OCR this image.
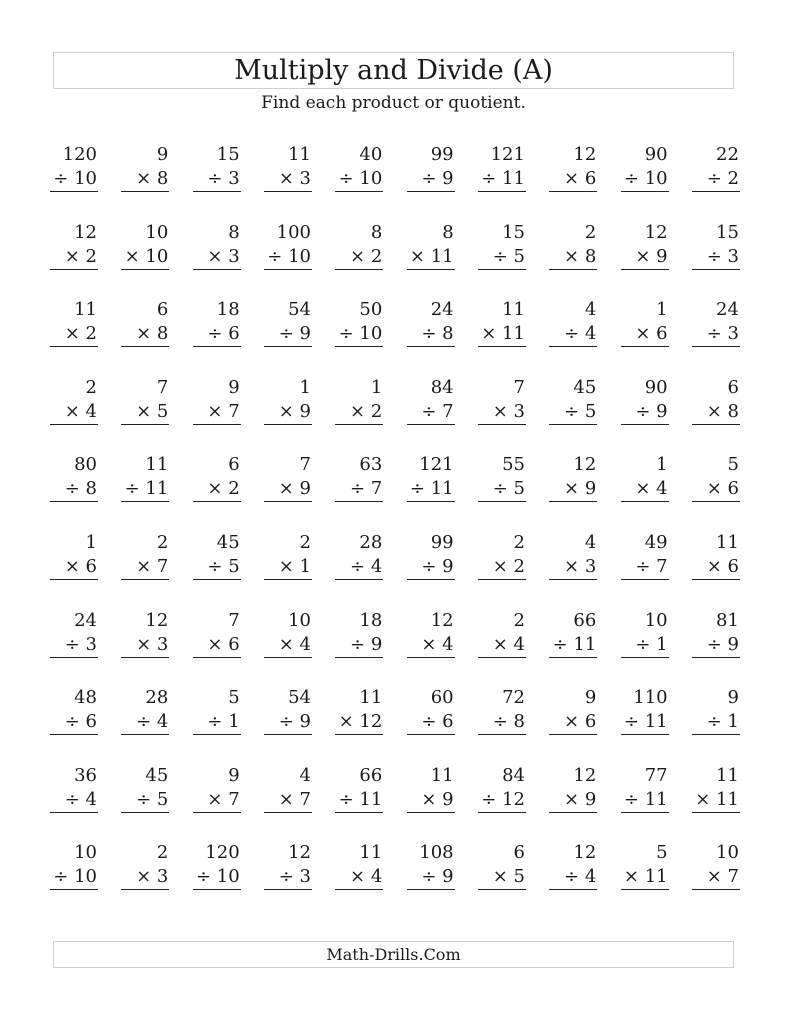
Multiply and Divide (A)
Find each product or quotient.
120
÷ 10
9
× 8
15
÷ 3
11
× 3
40
÷ 10
99
÷ 9
121
÷ 11
12
× 6
90
÷ 10
22
÷ 2
12
× 2
10
× 10
8
× 3
100
÷ 10
8
× 2
8
× 11
15
÷ 5
2
× 8
12
× 9
15
÷ 3
11
× 2
6
× 8
18
÷ 6
54
÷ 9
50
÷ 10
24
÷ 8
11
× 11
4
÷ 4
1
× 6
24
÷ 3
2
× 4
7
× 5
9
× 7
1
× 9
1
× 2
84
÷ 7
7
× 3
45
÷ 5
90
÷ 9
6
× 8
80
÷ 8
11
÷ 11
6
× 2
7
× 9
63
÷ 7
121
÷ 11
55
÷ 5
12
× 9
1
× 4
5
× 6
1
× 6
2
× 7
45
÷ 5
2
× 1
28
÷ 4
99
÷ 9
2
× 2
4
× 3
49
÷ 7
11
× 6
24
÷ 3
12
× 3
7
× 6
10
× 4
18
÷ 9
12
× 4
2
× 4
66
÷ 11
10
÷ 1
81
÷ 9
48
÷ 6
28
÷ 4
5
÷ 1
54
÷ 9
11
× 12
60
÷ 6
72
÷ 8
9
× 6
110
÷ 11
9
÷ 1
36
÷ 4
45
÷ 5
9
× 7
4
× 7
66
÷ 11
11
× 9
84
÷ 12
12
× 9
77
÷ 11
11
× 11
10
÷ 10
2
× 3
120
÷ 10
12
÷ 3
11
× 4
108
÷ 9
6
× 5
12
÷ 4
5
× 11
10
× 7
Math-Drills.Com
